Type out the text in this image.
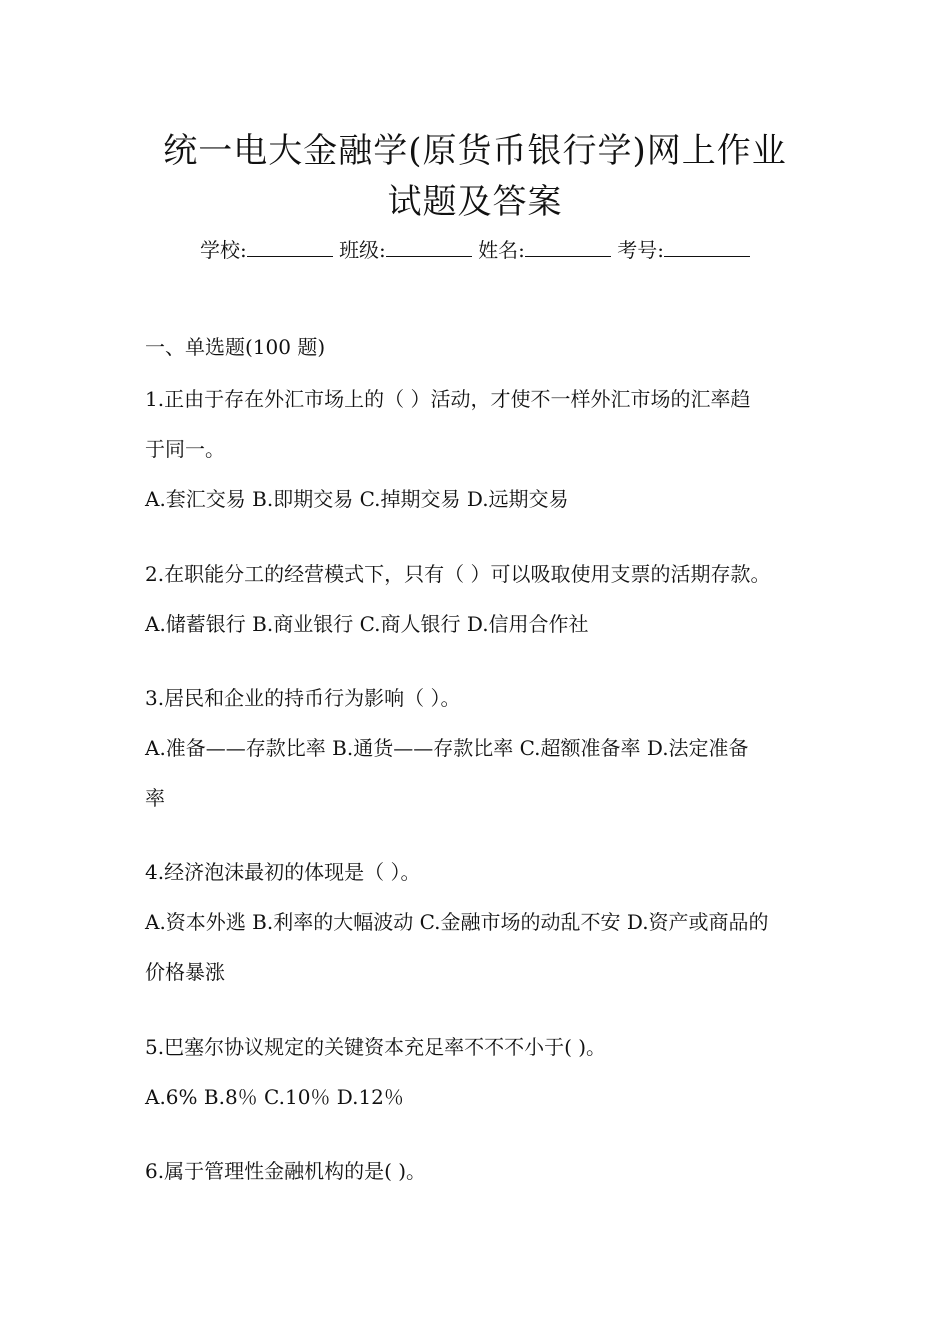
统一电大金融学(原货币银行学)网上作业
试题及答案
学校:	班级:	姓名:	考号:
一、单选题(100 题)
1.正由于存在外汇市场上的（ ）活动，才使不一样外汇市场的汇率趋
于同一。
A.套汇交易 B.即期交易 C.掉期交易 D.远期交易
2.在职能分工的经营模式下，只有（ ）可以吸取使用支票的活期存款。
A.储蓄银行 B.商业银行 C.商人银行 D.信用合作社
3.居民和企业的持币行为影响（ ）。
A.准备——存款比率 B.通货——存款比率 C.超额准备率 D.法定准备
率
4.经济泡沫最初的体现是（ ）。
A.资本外逃 B.利率的大幅波动 C.金融市场的动乱不安 D.资产或商品的
价格暴涨
5.巴塞尔协议规定的关键资本充足率不不不小于( )。
A.6% B.8％ C.10％ D.12％
6.属于管理性金融机构的是( )。
